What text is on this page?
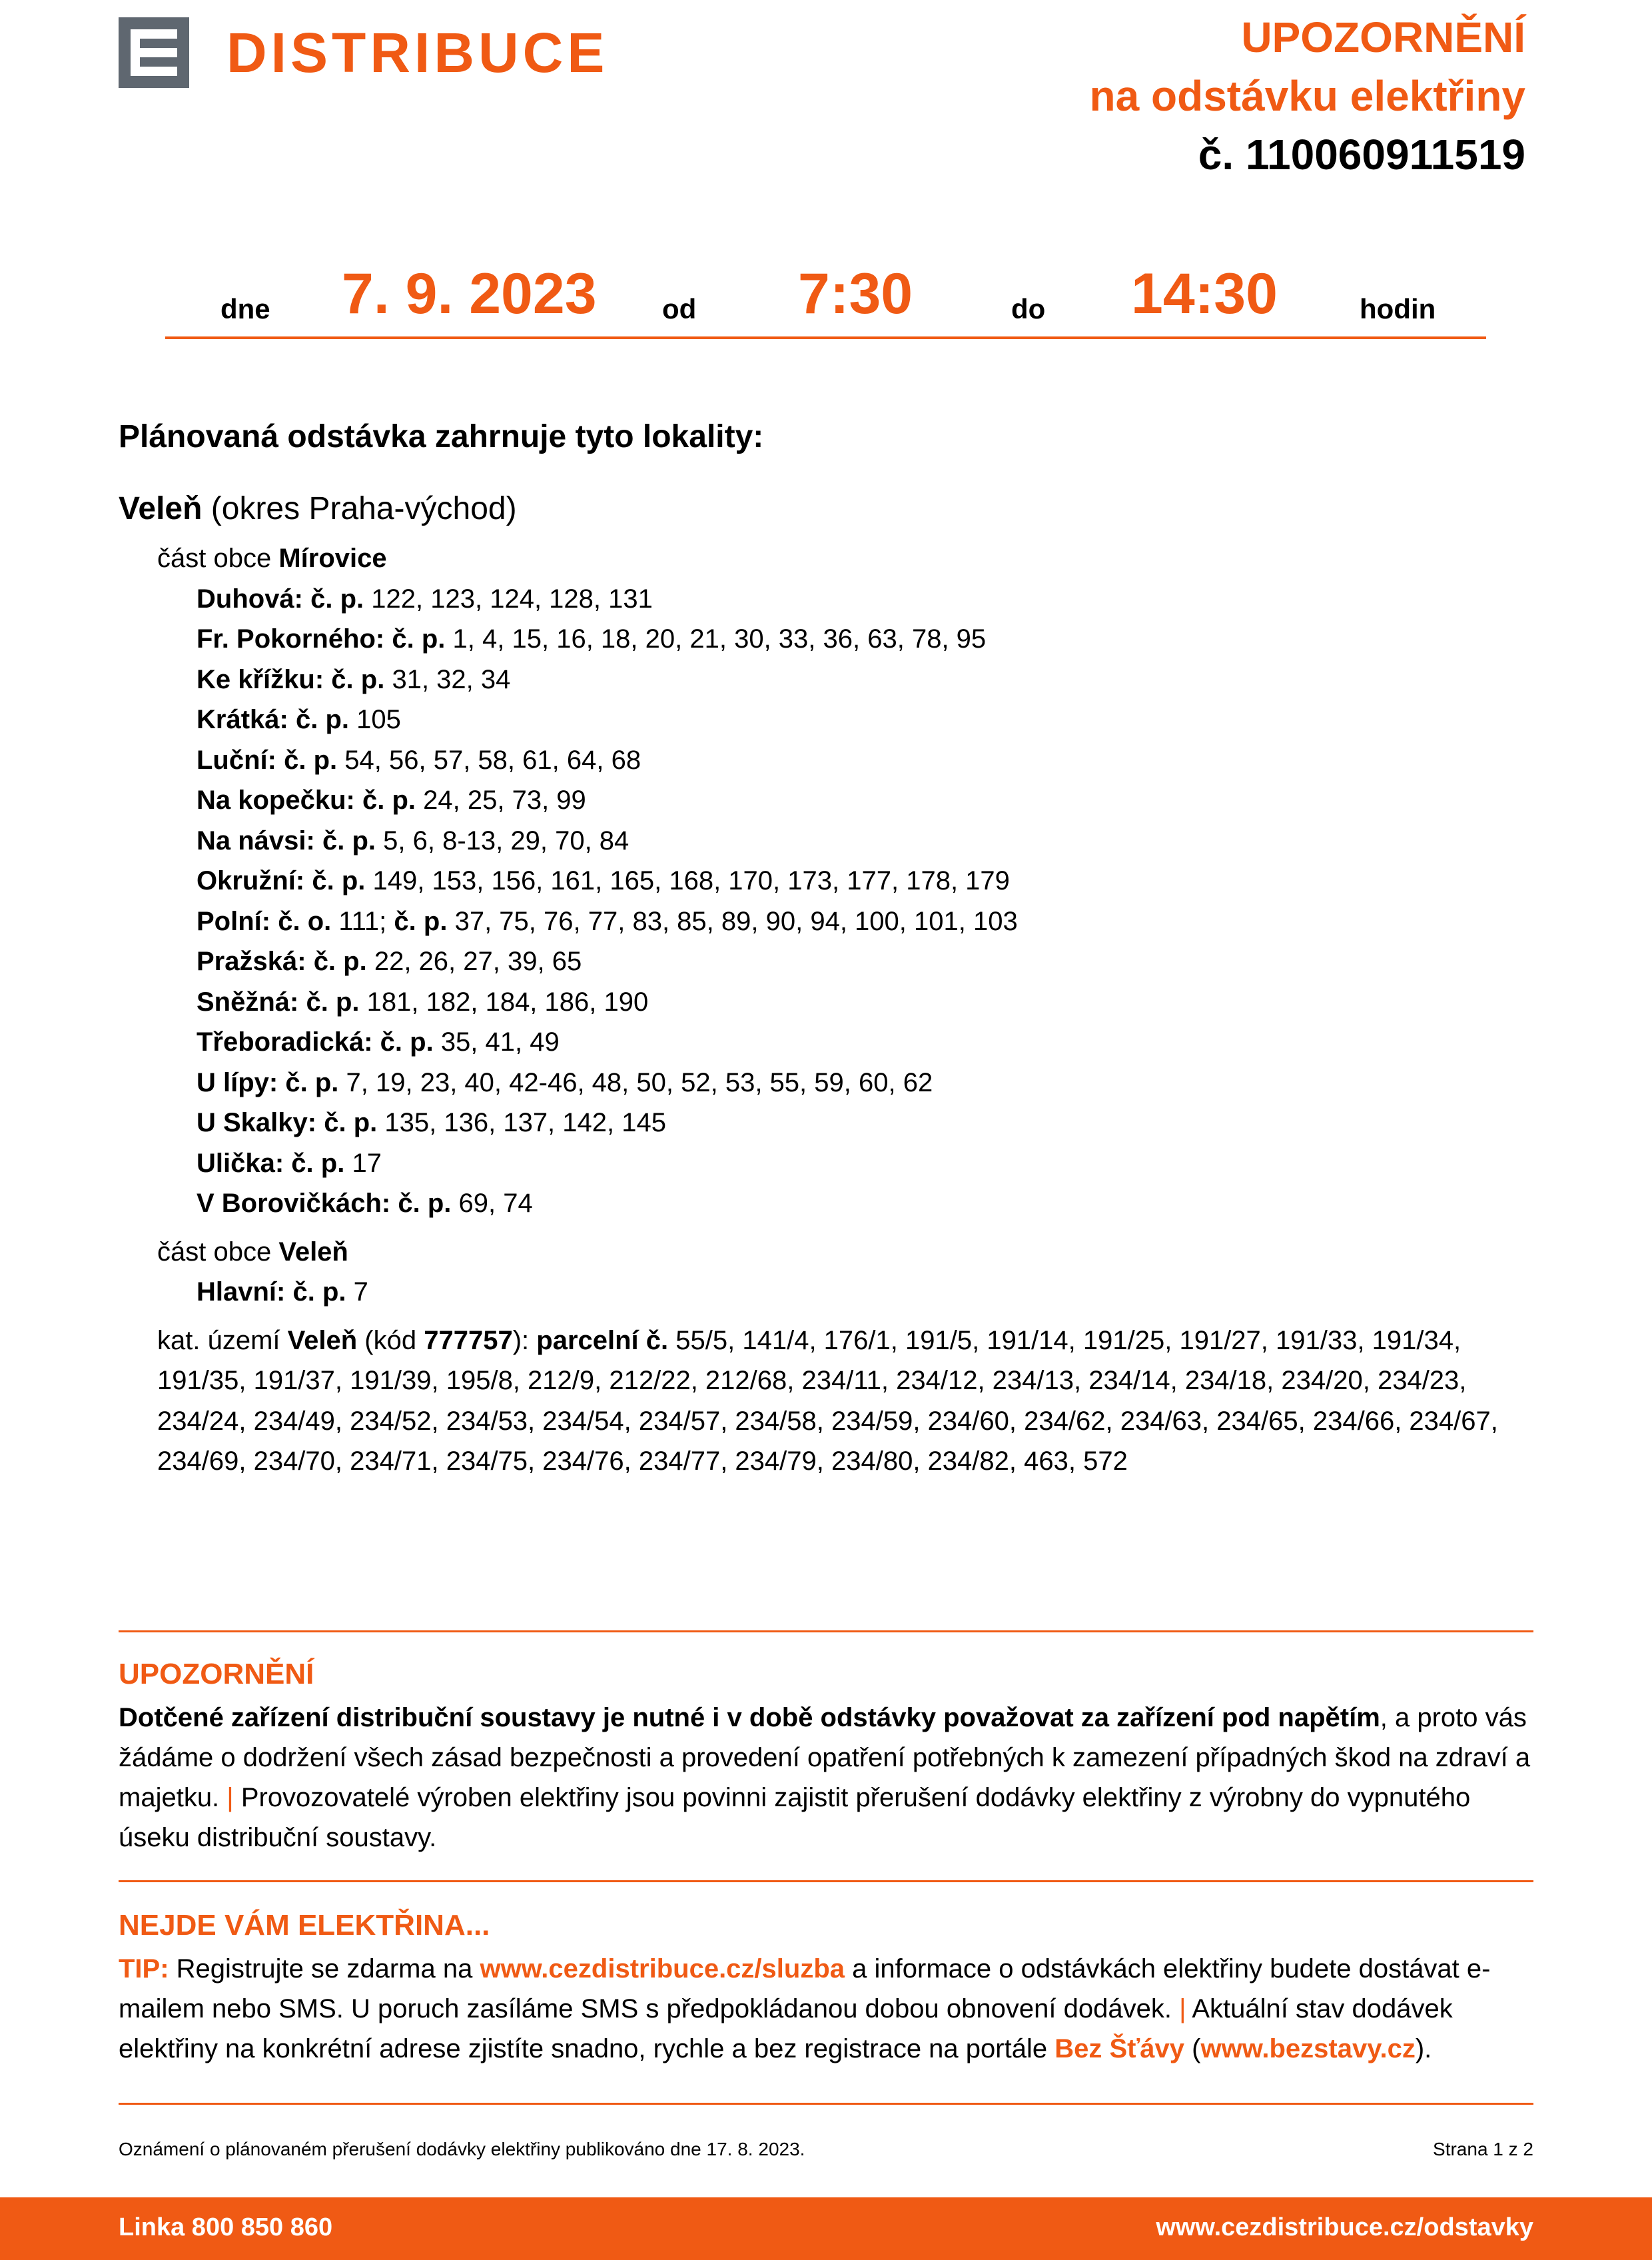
DISTRIBUCE	UPOZORNĚNÍ
na odstávku elektřiny
č. 110060911519
dne 7. 9. 2023 od 7:30	do 14:30	hodin
Plánovaná odstávka zahrnuje tyto lokality:
Veleň (okres Praha-východ)
část obce Mírovice
Duhová: č. p. 122, 123, 124, 128, 131
Fr. Pokorného: č. p. 1, 4, 15, 16, 18, 20, 21, 30, 33, 36, 63, 78, 95
Ke křížku: č. p. 31, 32, 34
Krátká: č. p. 105
Luční: č. p. 54, 56, 57, 58, 61, 64, 68
Na kopečku: č. p. 24, 25, 73, 99
Na návsi: č. p. 5, 6, 8-13, 29, 70, 84
Okružní: č. p. 149, 153, 156, 161, 165, 168, 170, 173, 177, 178, 179
Polní: č. o. 111; č. p. 37, 75, 76, 77, 83, 85, 89, 90, 94, 100, 101, 103
Pražská: č. p. 22, 26, 27, 39, 65
Sněžná: č. p. 181, 182, 184, 186, 190
Třeboradická: č. p. 35, 41, 49
U lípy: č. p. 7, 19, 23, 40, 42-46, 48, 50, 52, 53, 55, 59, 60, 62
U Skalky: č. p. 135, 136, 137, 142, 145
Ulička: č. p. 17
V Borovičkách: č. p. 69, 74
část obce Veleň
Hlavní: č. p. 7
kat. území Veleň (kód 777757): parcelní č. 55/5, 141/4, 176/1, 191/5, 191/14, 191/25, 191/27, 191/33, 191/34, 191/35, 191/37, 191/39, 195/8, 212/9, 212/22, 212/68, 234/11, 234/12, 234/13, 234/14, 234/18, 234/20, 234/23, 234/24, 234/49, 234/52, 234/53, 234/54, 234/57, 234/58, 234/59, 234/60, 234/62, 234/63, 234/65, 234/66, 234/67, 234/69, 234/70, 234/71, 234/75, 234/76, 234/77, 234/79, 234/80, 234/82, 463, 572
UPOZORNĚNÍ
Dotčené zařízení distribuční soustavy je nutné i v době odstávky považovat za zařízení pod napětím, a proto vás žádáme o dodržení všech zásad bezpečnosti a provedení opatření potřebných k zamezení případných škod na zdraví a majetku. | Provozovatelé výroben elektřiny jsou povinni zajistit přerušení dodávky elektřiny z výrobny do vypnutého úseku distribuční soustavy.
NEJDE VÁM ELEKTŘINA...
TIP: Registrujte se zdarma na www.cezdistribuce.cz/sluzba a informace o odstávkách elektřiny budete dostávat e-mailem nebo SMS. U poruch zasíláme SMS s předpokládanou dobou obnovení dodávek. | Aktuální stav dodávek elektřiny na konkrétní adrese zjistíte snadno, rychle a bez registrace na portále Bez Šťávy (www.bezstavy.cz).
Oznámení o plánovaném přerušení dodávky elektřiny publikováno dne 17. 8. 2023.	Strana 1 z 2
Linka 800 850 860	www.cezdistribuce.cz/odstavky
